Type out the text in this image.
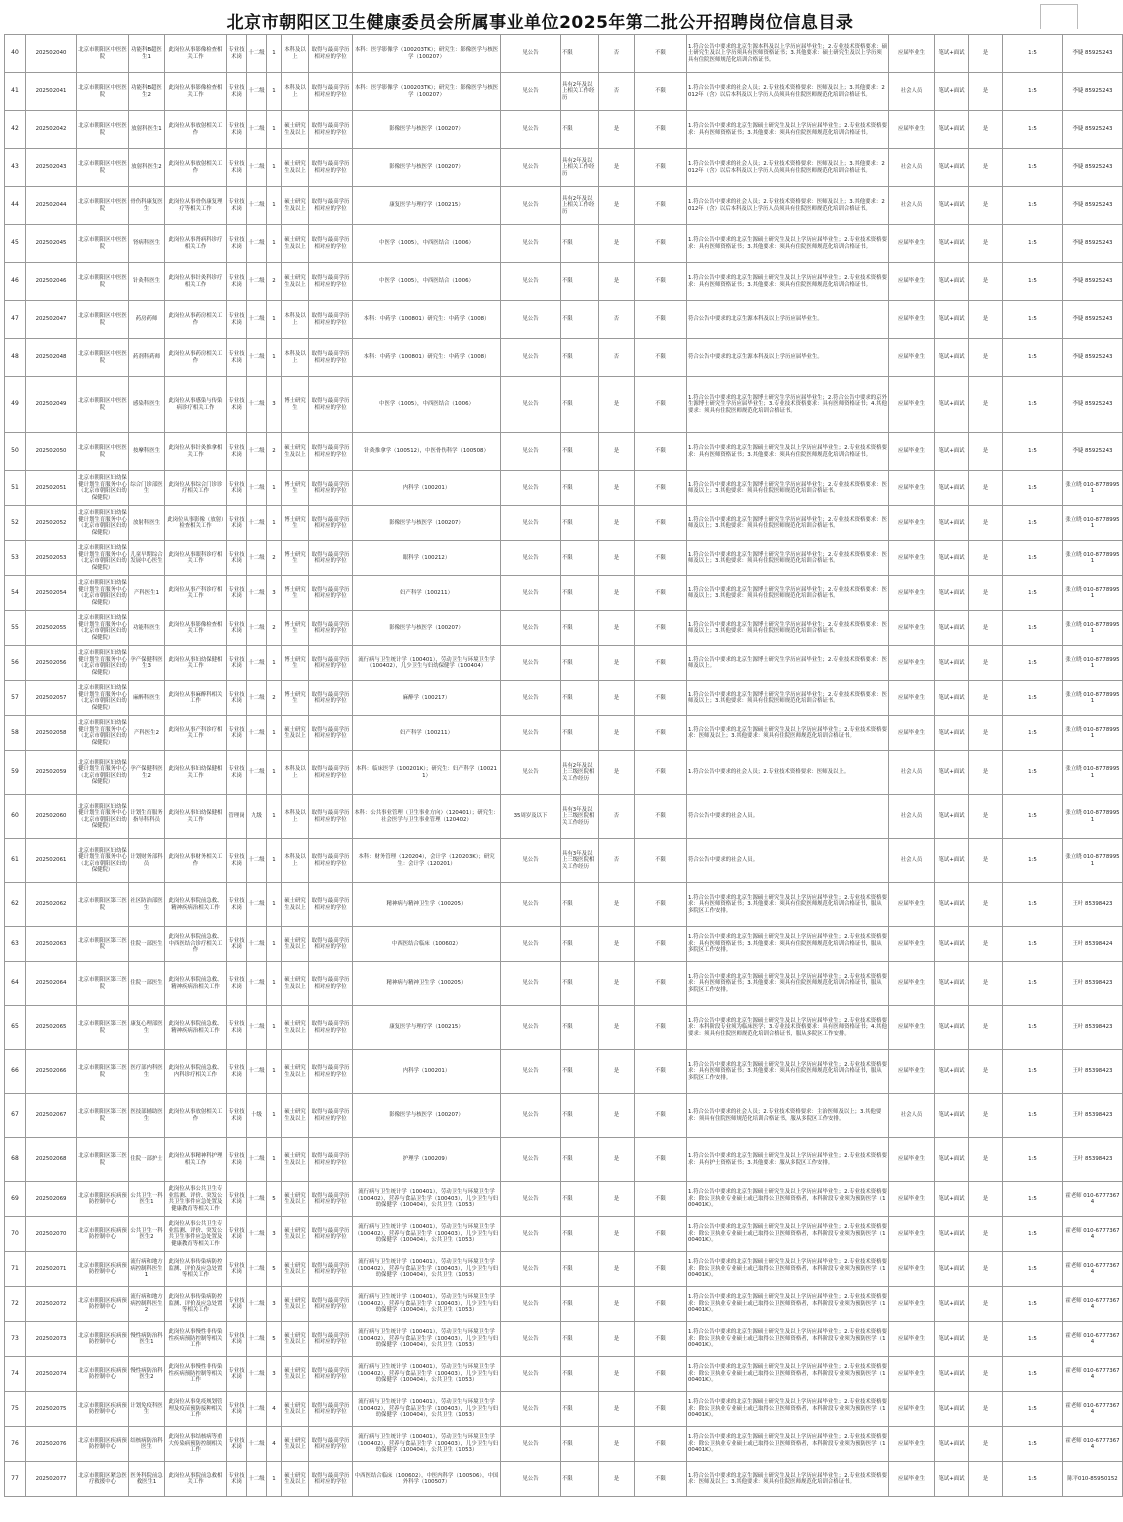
北京市朝阳区卫生健康委员会所属事业单位2025年第二批公开招聘岗位信息目录
40	202502040	北京市朝阳区中医医院	功能科B超医生1	此岗位从事影像检查相关工作	专业技术岗	十二级	1	本科及以上	取得与最高学历相对应的学位	本科：医学影像学（100203TK）；研究生：影像医学与核医学（100207）	见公告	不限	否	不限	1.符合公告中要求的北京生源本科及以上学历应届毕业生；2.专业技术资格要求：硕士研究生及以上学历须具有医师资格证书；3.其他要求：硕士研究生及以上学历须具有住院医师规范化培训合格证书。	应届毕业生	笔试+面试	是	1:5	李婕 85925243
41	202502041	北京市朝阳区中医医院	功能科B超医生2	此岗位从事影像检查相关工作	专业技术岗	十二级	1	本科及以上	取得与最高学历相对应的学位	本科：医学影像学（100203TK）；研究生：影像医学与核医学（100207）	见公告	具有2年及以上相关工作经历	否	不限	1.符合公告中要求的社会人员；2.专业技术资格要求：医师及以上；3.其他要求：2012年（含）以后本科及以上学历人员须具有住院医师规范化培训合格证书。	社会人员	笔试+面试	是	1:5	李婕 85925243
42	202502042	北京市朝阳区中医医院	放射科医生1	此岗位从事放射相关工作	专业技术岗	十二级	1	硕士研究生及以上	取得与最高学历相对应的学位	影像医学与核医学（100207）	见公告	不限	是	不限	1.符合公告中要求的北京生源硕士研究生及以上学历应届毕业生；2.专业技术资格要求：具有医师资格证书；3.其他要求：须具有住院医师规范化培训合格证书。	应届毕业生	笔试+面试	是	1:5	李婕 85925243
43	202502043	北京市朝阳区中医医院	放射科医生2	此岗位从事放射相关工作	专业技术岗	十二级	1	硕士研究生及以上	取得与最高学历相对应的学位	影像医学与核医学（100207）	见公告	具有2年及以上相关工作经历	是	不限	1.符合公告中要求的社会人员；2.专业技术资格要求：医师及以上；3.其他要求：2012年（含）以后本科及以上学历人员须具有住院医师规范化培训合格证书。	社会人员	笔试+面试	是	1:5	李婕 85925243
44	202502044	北京市朝阳区中医医院	骨伤科康复医生	此岗位从事骨伤康复理疗等相关工作	专业技术岗	十二级	1	硕士研究生及以上	取得与最高学历相对应的学位	康复医学与理疗学（100215）	见公告	具有2年及以上相关工作经历	是	不限	1.符合公告中要求的社会人员；2.专业技术资格要求：医师及以上；3.其他要求：2012年（含）以后本科及以上学历人员须具有住院医师规范化培训合格证书。	社会人员	笔试+面试	是	1:5	李婕 85925243
45	202502045	北京市朝阳区中医医院	肾病科医生	此岗位从事肾病科诊疗相关工作	专业技术岗	十二级	1	硕士研究生及以上	取得与最高学历相对应的学位	中医学（1005），中西医结合（1006）	见公告	不限	是	不限	1.符合公告中要求的北京生源硕士研究生及以上学历应届毕业生；2.专业技术资格要求：具有医师资格证书；3.其他要求：须具有住院医师规范化培训合格证书。	应届毕业生	笔试+面试	是	1:5	李婕 85925243
46	202502046	北京市朝阳区中医医院	针灸科医生	此岗位从事针灸科诊疗相关工作	专业技术岗	十二级	2	硕士研究生及以上	取得与最高学历相对应的学位	中医学（1005），中西医结合（1006）	见公告	不限	是	不限	1.符合公告中要求的北京生源硕士研究生及以上学历应届毕业生；2.专业技术资格要求：具有医师资格证书；3.其他要求：须具有住院医师规范化培训合格证书。	应届毕业生	笔试+面试	是	1:5	李婕 85925243
47	202502047	北京市朝阳区中医医院	药房药师	此岗位从事药房相关工作	专业技术岗	十二级	1	本科及以上	取得与最高学历相对应的学位	本科：中药学（100801）研究生：中药学（1008）	见公告	不限	否	不限	符合公告中要求的北京生源本科及以上学历应届毕业生。	应届毕业生	笔试+面试	是	1:5	李婕 85925243
48	202502048	北京市朝阳区中医医院	药剂科药师	此岗位从事药房相关工作	专业技术岗	十二级	1	本科及以上	取得与最高学历相对应的学位	本科：中药学（100801）研究生：中药学（1008）	见公告	不限	否	不限	符合公告中要求的北京生源本科及以上学历应届毕业生。	应届毕业生	笔试+面试	是	1:5	李婕 85925243
49	202502049	北京市朝阳区中医医院	感染科医生	此岗位从事感染与传染病诊疗相关工作	专业技术岗	十二级	3	博士研究生	取得与最高学历相对应的学位	中医学（1005），中西医结合（1006）	见公告	不限	是	不限	1.符合公告中要求的北京生源博士研究生学历应届毕业生；2.符合公告中要求的京外生源博士研究生学历应届毕业生；3.专业技术资格要求：具有医师资格证书；4.其他要求：须具有住院医师规范化培训合格证书。	应届毕业生	笔试+面试	是	1:5	李婕 85925243
50	202502050	北京市朝阳区中医医院	按摩科医生	此岗位从事针灸推拿相关工作	专业技术岗	十二级	2	硕士研究生及以上	取得与最高学历相对应的学位	针灸推拿学（100512），中医骨伤科学（100508）	见公告	不限	是	不限	1.符合公告中要求的北京生源硕士研究生及以上学历应届毕业生；2.专业技术资格要求：具有医师资格证书；3.其他要求：须具有住院医师规范化培训合格证书。	应届毕业生	笔试+面试	是	1:5	李婕 85925243
51	202502051	北京市朝阳区妇幼保健计划生育服务中心（北京市朝阳区妇幼保健院）	综合门诊部医生	此岗位从事综合门诊诊疗相关工作	专业技术岗	十二级	1	博士研究生	取得与最高学历相对应的学位	内科学（100201）	见公告	不限	是	不限	1.符合公告中要求的北京生源博士研究生学历应届毕业生；2.专业技术资格要求：医师及以上；3.其他要求：须具有住院医师规范化培训合格证书。	应届毕业生	笔试+面试	是	1:5	张立晓 010-87789951
52	202502052	北京市朝阳区妇幼保健计划生育服务中心（北京市朝阳区妇幼保健院）	放射科医生	此岗位从事影像（放射）检查相关工作	专业技术岗	十二级	1	博士研究生	取得与最高学历相对应的学位	影像医学与核医学（100207）	见公告	不限	是	不限	1.符合公告中要求的北京生源博士研究生学历应届毕业生；2.专业技术资格要求：医师及以上；3.其他要求：须具有住院医师规范化培训合格证书。	应届毕业生	笔试+面试	是	1:5	张立晓 010-87789951
53	202502053	北京市朝阳区妇幼保健计划生育服务中心（北京市朝阳区妇幼保健院）	儿童早期综合发展中心医生	此岗位从事眼科诊疗相关工作	专业技术岗	十二级	2	博士研究生	取得与最高学历相对应的学位	眼科学（100212）	见公告	不限	是	不限	1.符合公告中要求的北京生源博士研究生学历应届毕业生；2.专业技术资格要求：医师及以上；3.其他要求：须具有住院医师规范化培训合格证书。	应届毕业生	笔试+面试	是	1:5	张立晓 010-87789951
54	202502054	北京市朝阳区妇幼保健计划生育服务中心（北京市朝阳区妇幼保健院）	产科医生1	此岗位从事产科诊疗相关工作	专业技术岗	十二级	3	博士研究生	取得与最高学历相对应的学位	妇产科学（100211）	见公告	不限	是	不限	1.符合公告中要求的北京生源博士研究生学历应届毕业生；2.专业技术资格要求：医师及以上；3.其他要求：须具有住院医师规范化培训合格证书。	应届毕业生	笔试+面试	是	1:5	张立晓 010-87789951
55	202502055	北京市朝阳区妇幼保健计划生育服务中心（北京市朝阳区妇幼保健院）	功能科医生	此岗位从事影像检查相关工作	专业技术岗	十二级	2	博士研究生	取得与最高学历相对应的学位	影像医学与核医学（100207）	见公告	不限	是	不限	1.符合公告中要求的北京生源博士研究生学历应届毕业生；2.专业技术资格要求：医师及以上；3.其他要求：须具有住院医师规范化培训合格证书。	应届毕业生	笔试+面试	是	1:5	张立晓 010-87789951
56	202502056	北京市朝阳区妇幼保健计划生育服务中心（北京市朝阳区妇幼保健院）	孕产保健科医生3	此岗位从事妇幼保健相关工作	专业技术岗	十二级	1	博士研究生	取得与最高学历相对应的学位	流行病与卫生统计学（100401），劳动卫生与环境卫生学（100402），儿少卫生与妇幼保健学（100404）	见公告	不限	是	不限	1.符合公告中要求的北京生源博士研究生学历应届毕业生；2.专业技术资格要求：医师及以上。	应届毕业生	笔试+面试	是	1:5	张立晓 010-87789951
57	202502057	北京市朝阳区妇幼保健计划生育服务中心（北京市朝阳区妇幼保健院）	麻醉科医生	此岗位从事麻醉科相关工作	专业技术岗	十二级	2	博士研究生	取得与最高学历相对应的学位	麻醉学（100217）	见公告	不限	是	不限	1.符合公告中要求的北京生源博士研究生学历应届毕业生；2.专业技术资格要求：医师及以上；3.其他要求：须具有住院医师规范化培训合格证书。	应届毕业生	笔试+面试	是	1:5	张立晓 010-87789951
58	202502058	北京市朝阳区妇幼保健计划生育服务中心（北京市朝阳区妇幼保健院）	产科医生2	此岗位从事产科诊疗相关工作	专业技术岗	十二级	1	硕士研究生及以上	取得与最高学历相对应的学位	妇产科学（100211）	见公告	不限	是	不限	1.符合公告中要求的北京生源硕士研究生及以上学历应届毕业生；2.专业技术资格要求：医师及以上；3.其他要求：须具有住院医师规范化培训合格证书。	应届毕业生	笔试+面试	是	1:5	张立晓 010-87789951
59	202502059	北京市朝阳区妇幼保健计划生育服务中心（北京市朝阳区妇幼保健院）	孕产保健科医生2	此岗位从事妇幼保健相关工作	专业技术岗	十二级	1	本科及以上	取得与最高学历相对应的学位	本科：临床医学（100201K）；研究生：妇产科学（100211）	见公告	具有2年及以上三级医院相关工作经历	是	不限	1.符合公告中要求的社会人员；2.专业技术资格要求：医师及以上。	社会人员	笔试+面试	是	1:5	张立晓 010-87789951
60	202502060	北京市朝阳区妇幼保健计划生育服务中心（北京市朝阳区妇幼保健院）	计划生育服务指导科科员	此岗位从事妇幼保健相关工作	管理岗	九级	1	本科及以上	取得与最高学历相对应的学位	本科：公共事业管理（卫生事业方向）（120401）；研究生：社会医学与卫生事业管理（120402）	35周岁及以下	具有3年及以上三级医院相关工作经历	否	不限	符合公告中要求的社会人员。	社会人员	笔试+面试	是	1:5	张立晓 010-87789951
61	202502061	北京市朝阳区妇幼保健计划生育服务中心（北京市朝阳区妇幼保健院）	计划财务部科员	此岗位从事财务相关工作	专业技术岗	十二级	1	本科及以上	取得与最高学历相对应的学位	本科：财务管理（120204），会计学（120203K）；研究生：会计学（120201）	见公告	具有3年及以上三级医院相关工作经历	否	不限	符合公告中要求的社会人员。	社会人员	笔试+面试	是	1:5	张立晓 010-87789951
62	202502062	北京市朝阳区第三医院	社区防治部医生	此岗位从事院前急救、精神疾病治相关工作	专业技术岗	十二级	1	硕士研究生及以上	取得与最高学历相对应的学位	精神病与精神卫生学（100205）	见公告	不限	是	不限	1.符合公告中要求的北京生源硕士研究生及以上学历应届毕业生；2.专业技术资格要求：具有医师资格证书；3.其他要求：须具有住院医师规范化培训合格证书，服从多院区工作安排。	应届毕业生	笔试+面试	是	1:5	王叶 85398423
63	202502063	北京市朝阳区第三医院	住院一部医生	此岗位从事院前急救、中西医结合诊疗相关工作	专业技术岗	十二级	1	硕士研究生及以上	取得与最高学历相对应的学位	中西医结合临床（100602）	见公告	不限	是	不限	1.符合公告中要求的北京生源硕士研究生及以上学历应届毕业生；2.专业技术资格要求：具有医师资格证书；3.其他要求：须具有住院医师规范化培训合格证书，服从多院区工作安排。	应届毕业生	笔试+面试	是	1:5	王叶 85398424
64	202502064	北京市朝阳区第三医院	住院一部医生	此岗位从事院前急救、精神疾病治相关工作	专业技术岗	十二级	1	硕士研究生及以上	取得与最高学历相对应的学位	精神病与精神卫生学（100205）	见公告	不限	是	不限	1.符合公告中要求的北京生源硕士研究生及以上学历应届毕业生；2.专业技术资格要求：具有医师资格证书；3.其他要求：须具有住院医师规范化培训合格证书，服从多院区工作安排。	应届毕业生	笔试+面试	是	1:5	王叶 85398423
65	202502065	北京市朝阳区第三医院	康复心理部医生	此岗位从事院前急救、精神疾病治相关工作	专业技术岗	十二级	1	硕士研究生及以上	取得与最高学历相对应的学位	康复医学与理疗学（100215）	见公告	不限	是	不限	1.符合公告中要求的北京生源硕士研究生及以上学历应届毕业生；2.专业技术资格要求：本科阶段专业须为临床医学；3.专业技术资格要求：具有医师资格证书；4.其他要求：须具有住院医师规范化培训合格证书，服从多院区工作安排。	应届毕业生	笔试+面试	是	1:5	王叶 85398423
66	202502066	北京市朝阳区第三医院	医疗部内科医生	此岗位从事院前急救、内科诊疗相关工作	专业技术岗	十二级	1	硕士研究生及以上	取得与最高学历相对应的学位	内科学（100201）	见公告	不限	是	不限	1.符合公告中要求的北京生源硕士研究生及以上学历应届毕业生；2.专业技术资格要求：具有医师资格证书；3.其他要求：须具有住院医师规范化培训合格证书，服从多院区工作安排。	应届毕业生	笔试+面试	是	1:5	王叶 85398423
67	202502067	北京市朝阳区第三医院	医技部辅助医生	此岗位从事放射相关工作	专业技术岗	十级	1	硕士研究生及以上	取得与最高学历相对应的学位	影像医学与核医学（100207）	见公告	不限	是	不限	1.符合公告中要求的社会人员；2.专业技术资格要求：主治医师及以上；3.其他要求：须具有住院医师规范化培训合格证书，服从多院区工作安排。	社会人员	笔试+面试	是	1:5	王叶 85398423
68	202502068	北京市朝阳区第三医院	住院一部护士	此岗位从事精神科护理相关工作	专业技术岗	十二级	1	硕士研究生及以上	取得与最高学历相对应的学位	护理学（100209）	见公告	不限	是	不限	1.符合公告中要求的北京生源硕士研究生及以上学历应届毕业生；2.专业技术资格要求：具有护士资格证书；3.其他要求：服从多院区工作安排。	应届毕业生	笔试+面试	是	1:5	王叶 85398423
69	202502069	北京市朝阳区疾病预防控制中心	公共卫生一科医生1	此岗位从事公共卫生专业监测、评价、突发公共卫生事件应急处置及健康教育等相关工作	专业技术岗	十二级	5	硕士研究生及以上	取得与最高学历相对应的学位	流行病与卫生统计学（100401），劳动卫生与环境卫生学（100402），营养与食品卫生学（100403），儿少卫生与妇幼保健学（100404），公共卫生（1053）	见公告	不限	是	不限	1.符合公告中要求的北京生源硕士研究生及以上学历应届毕业生；2.专业技术资格要求：除公卫执业专业硕士或已取得公卫医师资格者，本科阶段专业须为预防医学（100401K）。	应届毕业生	笔试+面试	是	1:5	霍老师 010-67773674
70	202502070	北京市朝阳区疾病预防控制中心	公共卫生一科医生2	此岗位从事公共卫生专业监测、评价、突发公共卫生事件应急处置及健康教育等相关工作	专业技术岗	十二级	3	硕士研究生及以上	取得与最高学历相对应的学位	流行病与卫生统计学（100401），劳动卫生与环境卫生学（100402），营养与食品卫生学（100403），儿少卫生与妇幼保健学（100404），公共卫生（1053）	见公告	不限	是	不限	1.符合公告中要求的北京生源硕士研究生及以上学历应届毕业生；2.专业技术资格要求：除公卫执业专业硕士或已取得公卫医师资格者，本科阶段专业须为预防医学（100401K）。	应届毕业生	笔试+面试	是	1:5	霍老师 010-67773674
71	202502071	北京市朝阳区疾病预防控制中心	流行病和地方病控制科医生1	此岗位从事传染病防控监测、评价及应急处置等相关工作	专业技术岗	十二级	5	硕士研究生及以上	取得与最高学历相对应的学位	流行病与卫生统计学（100401），劳动卫生与环境卫生学（100402），营养与食品卫生学（100403），儿少卫生与妇幼保健学（100404），公共卫生（1053）	见公告	不限	是	不限	1.符合公告中要求的北京生源硕士研究生及以上学历应届毕业生；2.专业技术资格要求：除公卫执业专业硕士或已取得公卫医师资格者，本科阶段专业须为预防医学（100401K）。	应届毕业生	笔试+面试	是	1:5	霍老师 010-67773674
72	202502072	北京市朝阳区疾病预防控制中心	流行病和地方病控制科医生2	此岗位从事传染病防控监测、评价及应急处置等相关工作	专业技术岗	十二级	3	硕士研究生及以上	取得与最高学历相对应的学位	流行病与卫生统计学（100401），劳动卫生与环境卫生学（100402），营养与食品卫生学（100403），儿少卫生与妇幼保健学（100404），公共卫生（1053）	见公告	不限	是	不限	1.符合公告中要求的北京生源硕士研究生及以上学历应届毕业生；2.专业技术资格要求：除公卫执业专业硕士或已取得公卫医师资格者，本科阶段专业须为预防医学（100401K）。	应届毕业生	笔试+面试	是	1:5	霍老师 010-67773674
73	202502073	北京市朝阳区疾病预防控制中心	慢性病防治科医生1	此岗位从事慢性非传染性疾病预防控制等相关工作	专业技术岗	十二级	5	硕士研究生及以上	取得与最高学历相对应的学位	流行病与卫生统计学（100401），劳动卫生与环境卫生学（100402），营养与食品卫生学（100403），儿少卫生与妇幼保健学（100404），公共卫生（1053）	见公告	不限	是	不限	1.符合公告中要求的北京生源硕士研究生及以上学历应届毕业生；2.专业技术资格要求：除公卫执业专业硕士或已取得公卫医师资格者，本科阶段专业须为预防医学（100401K）。	应届毕业生	笔试+面试	是	1:5	霍老师 010-67773674
74	202502074	北京市朝阳区疾病预防控制中心	慢性病防治科医生2	此岗位从事慢性非传染性疾病预防控制等相关工作	专业技术岗	十二级	3	硕士研究生及以上	取得与最高学历相对应的学位	流行病与卫生统计学（100401），劳动卫生与环境卫生学（100402），营养与食品卫生学（100403），儿少卫生与妇幼保健学（100404），公共卫生（1053）	见公告	不限	是	不限	1.符合公告中要求的北京生源硕士研究生及以上学历应届毕业生；2.专业技术资格要求：除公卫执业专业硕士或已取得公卫医师资格者，本科阶段专业须为预防医学（100401K）。	应届毕业生	笔试+面试	是	1:5	霍老师 010-67773674
75	202502075	北京市朝阳区疾病预防控制中心	计划免疫科医生	此岗位从事免疫规划管理及疫苗预防接种相关工作	专业技术岗	十二级	4	硕士研究生及以上	取得与最高学历相对应的学位	流行病与卫生统计学（100401），劳动卫生与环境卫生学（100402），营养与食品卫生学（100403），儿少卫生与妇幼保健学（100404），公共卫生（1053）	见公告	不限	是	不限	1.符合公告中要求的北京生源硕士研究生及以上学历应届毕业生；2.专业技术资格要求：除公卫执业专业硕士或已取得公卫医师资格者，本科阶段专业须为预防医学（100401K）。	应届毕业生	笔试+面试	是	1:5	霍老师 010-67773674
76	202502076	北京市朝阳区疾病预防控制中心	结核病防治科医生	此岗位从事结核病等重大传染病预防控制相关工作	专业技术岗	十二级	4	硕士研究生及以上	取得与最高学历相对应的学位	流行病与卫生统计学（100401），劳动卫生与环境卫生学（100402），营养与食品卫生学（100403），儿少卫生与妇幼保健学（100404），公共卫生（1053）	见公告	不限	是	不限	1.符合公告中要求的北京生源硕士研究生及以上学历应届毕业生；2.专业技术资格要求：除公卫执业专业硕士或已取得公卫医师资格者，本科阶段专业须为预防医学（100401K）。	应届毕业生	笔试+面试	是	1:5	霍老师 010-67773674
77	202502077	北京市朝阳区紧急医疗救援中心	医务科院前急救医生1	此岗位从事院前急救相关工作	专业技术岗	十二级	1	硕士研究生及以上	取得与最高学历相对应的学位	中西医结合临床（100602），中医内科学（100506），中国外科学（100507）	见公告	不限	是	不限	1.符合公告中要求的北京生源硕士研究生及以上学历应届毕业生；2.专业技术资格要求：医师及以上；3.其他要求：须具有住院医师规范化培训合格证书。	应届毕业生	笔试+面试	是	1:5	陈平010-85950152
